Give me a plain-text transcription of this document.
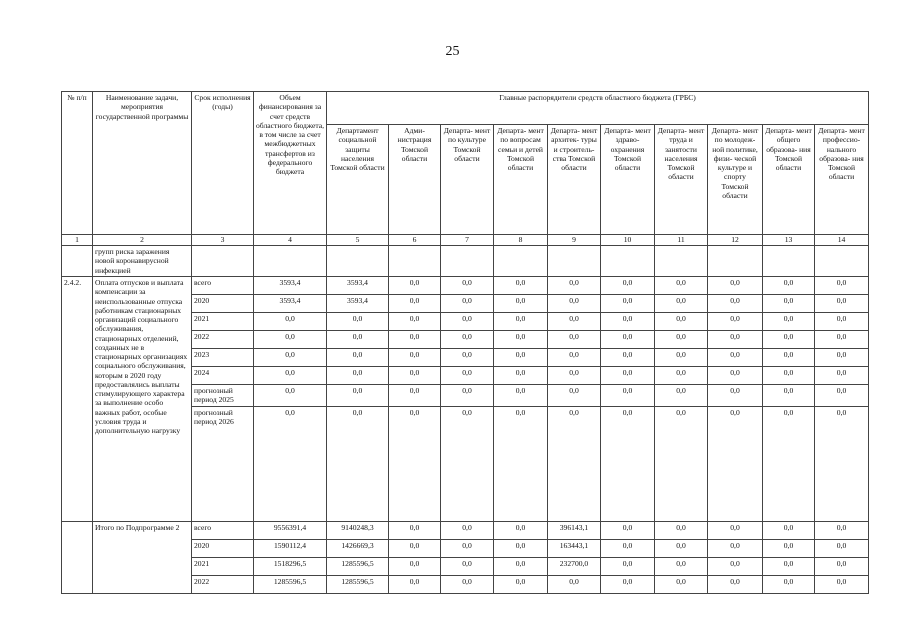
25
№ п/п	Наименование задачи, мероприятия государственной программы	Срок исполнения (годы)	Объем финансирования за счет средств областного бюджета, в том числе за счет межбюджетных трансфертов из федерального бюджета	Главные распорядители средств областного бюджета (ГРБС)									
				Департамент социальной защиты населения Томской области	Адми- нистрация Томской области	Департа- мент по культуре Томской области	Департа- мент по вопросам семьи и детей Томской области	Департа- мент архитек- туры и строитель- ства Томской области	Департа- мент здраво- охранения Томской области	Департа- мент труда и занятости населения Томской области	Департа- мент по молодеж- ной политике, физи- ческой культуре и спорту Томской области	Департа- мент общего образова- ния Томской области	Департа- мент профессио- нального образова- ния Томской области
1	2	3	4	5	6	7	8	9	10	11	12	13	14
	групп риска заражения новой коронавирусной инфекцией												
2.4.2.	Оплата отпусков и выплата компенсации за неиспользованные отпуска работникам стационарных организаций социального обслуживания, стационарных отделений, созданных не в стационарных организациях социального обслуживания, которым в 2020 году предоставлялись выплаты стимулирующего характера за выполнение особо важных работ, особые условия труда и дополнительную нагрузку	всего	3593,4	3593,4	0,0	0,0	0,0	0,0	0,0	0,0	0,0	0,0	0,0
		2020	3593,4	3593,4	0,0	0,0	0,0	0,0	0,0	0,0	0,0	0,0	0,0
		2021	0,0	0,0	0,0	0,0	0,0	0,0	0,0	0,0	0,0	0,0	0,0
		2022	0,0	0,0	0,0	0,0	0,0	0,0	0,0	0,0	0,0	0,0	0,0
		2023	0,0	0,0	0,0	0,0	0,0	0,0	0,0	0,0	0,0	0,0	0,0
		2024	0,0	0,0	0,0	0,0	0,0	0,0	0,0	0,0	0,0	0,0	0,0
		прогнозный период 2025	0,0	0,0	0,0	0,0	0,0	0,0	0,0	0,0	0,0	0,0	0,0
		прогнозный период 2026	0,0	0,0	0,0	0,0	0,0	0,0	0,0	0,0	0,0	0,0	0,0
	Итого по Подпрограмме 2	всего	9556391,4	9140248,3	0,0	0,0	0,0	396143,1	0,0	0,0	0,0	0,0	0,0
		2020	1590112,4	1426669,3	0,0	0,0	0,0	163443,1	0,0	0,0	0,0	0,0	0,0
		2021	1518296,5	1285596,5	0,0	0,0	0,0	232700,0	0,0	0,0	0,0	0,0	0,0
		2022	1285596,5	1285596,5	0,0	0,0	0,0	0,0	0,0	0,0	0,0	0,0	0,0
